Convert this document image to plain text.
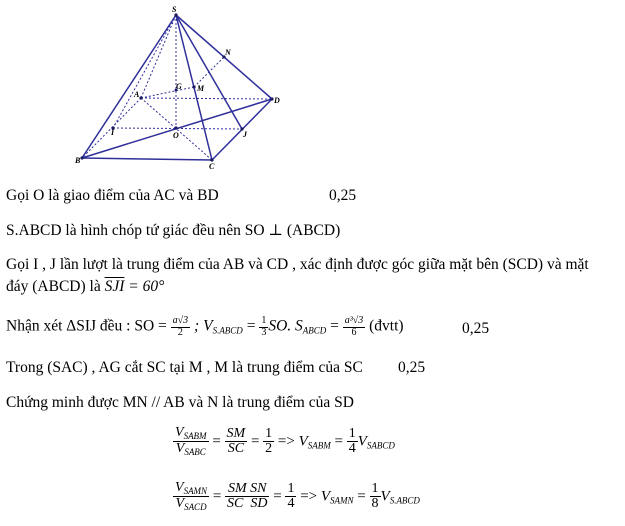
S
N
A
G M
D
I	O	J
B
C
Gọi O là giao điểm của AC và BD	0,25
S.ABCD là hình chóp tứ giác đều nên SO ⊥ (ABCD)
Gọi I , J lần lượt là trung điểm của AB và CD , xác định được góc giữa mặt bên (SCD) và mặt
đáy (ABCD) là $\overline{SJI} = 60^\circ$
Nhận xét ΔSIJ đều : SO = $\frac{a√3}{2}$ ; $V_{S.ABCD} = \frac{1}{3}$ SO. $S_{ABCD} = \frac{\text{a³√3}}{6}$ (đvtt)	0,25
Trong (SAC) , AG cắt SC tại M , M là trung điểm của SC 0,25
Chứng minh được MN // AB và N là trung điểm của SD
$\frac{V_{SABM}}{V_{SABC}} = \frac{SM}{SC} = \frac{1}{2} => V_{SABM} = \frac{1}{4} V_{SABCD}$
$\frac{V_{SAMN}}{V_{SACD}} = \frac{\text{SM SN}}{\text{SC  SD}} = \frac{1}{4} => V_{SAMN} = \frac{1}{8} V_{S.ABCD}$
